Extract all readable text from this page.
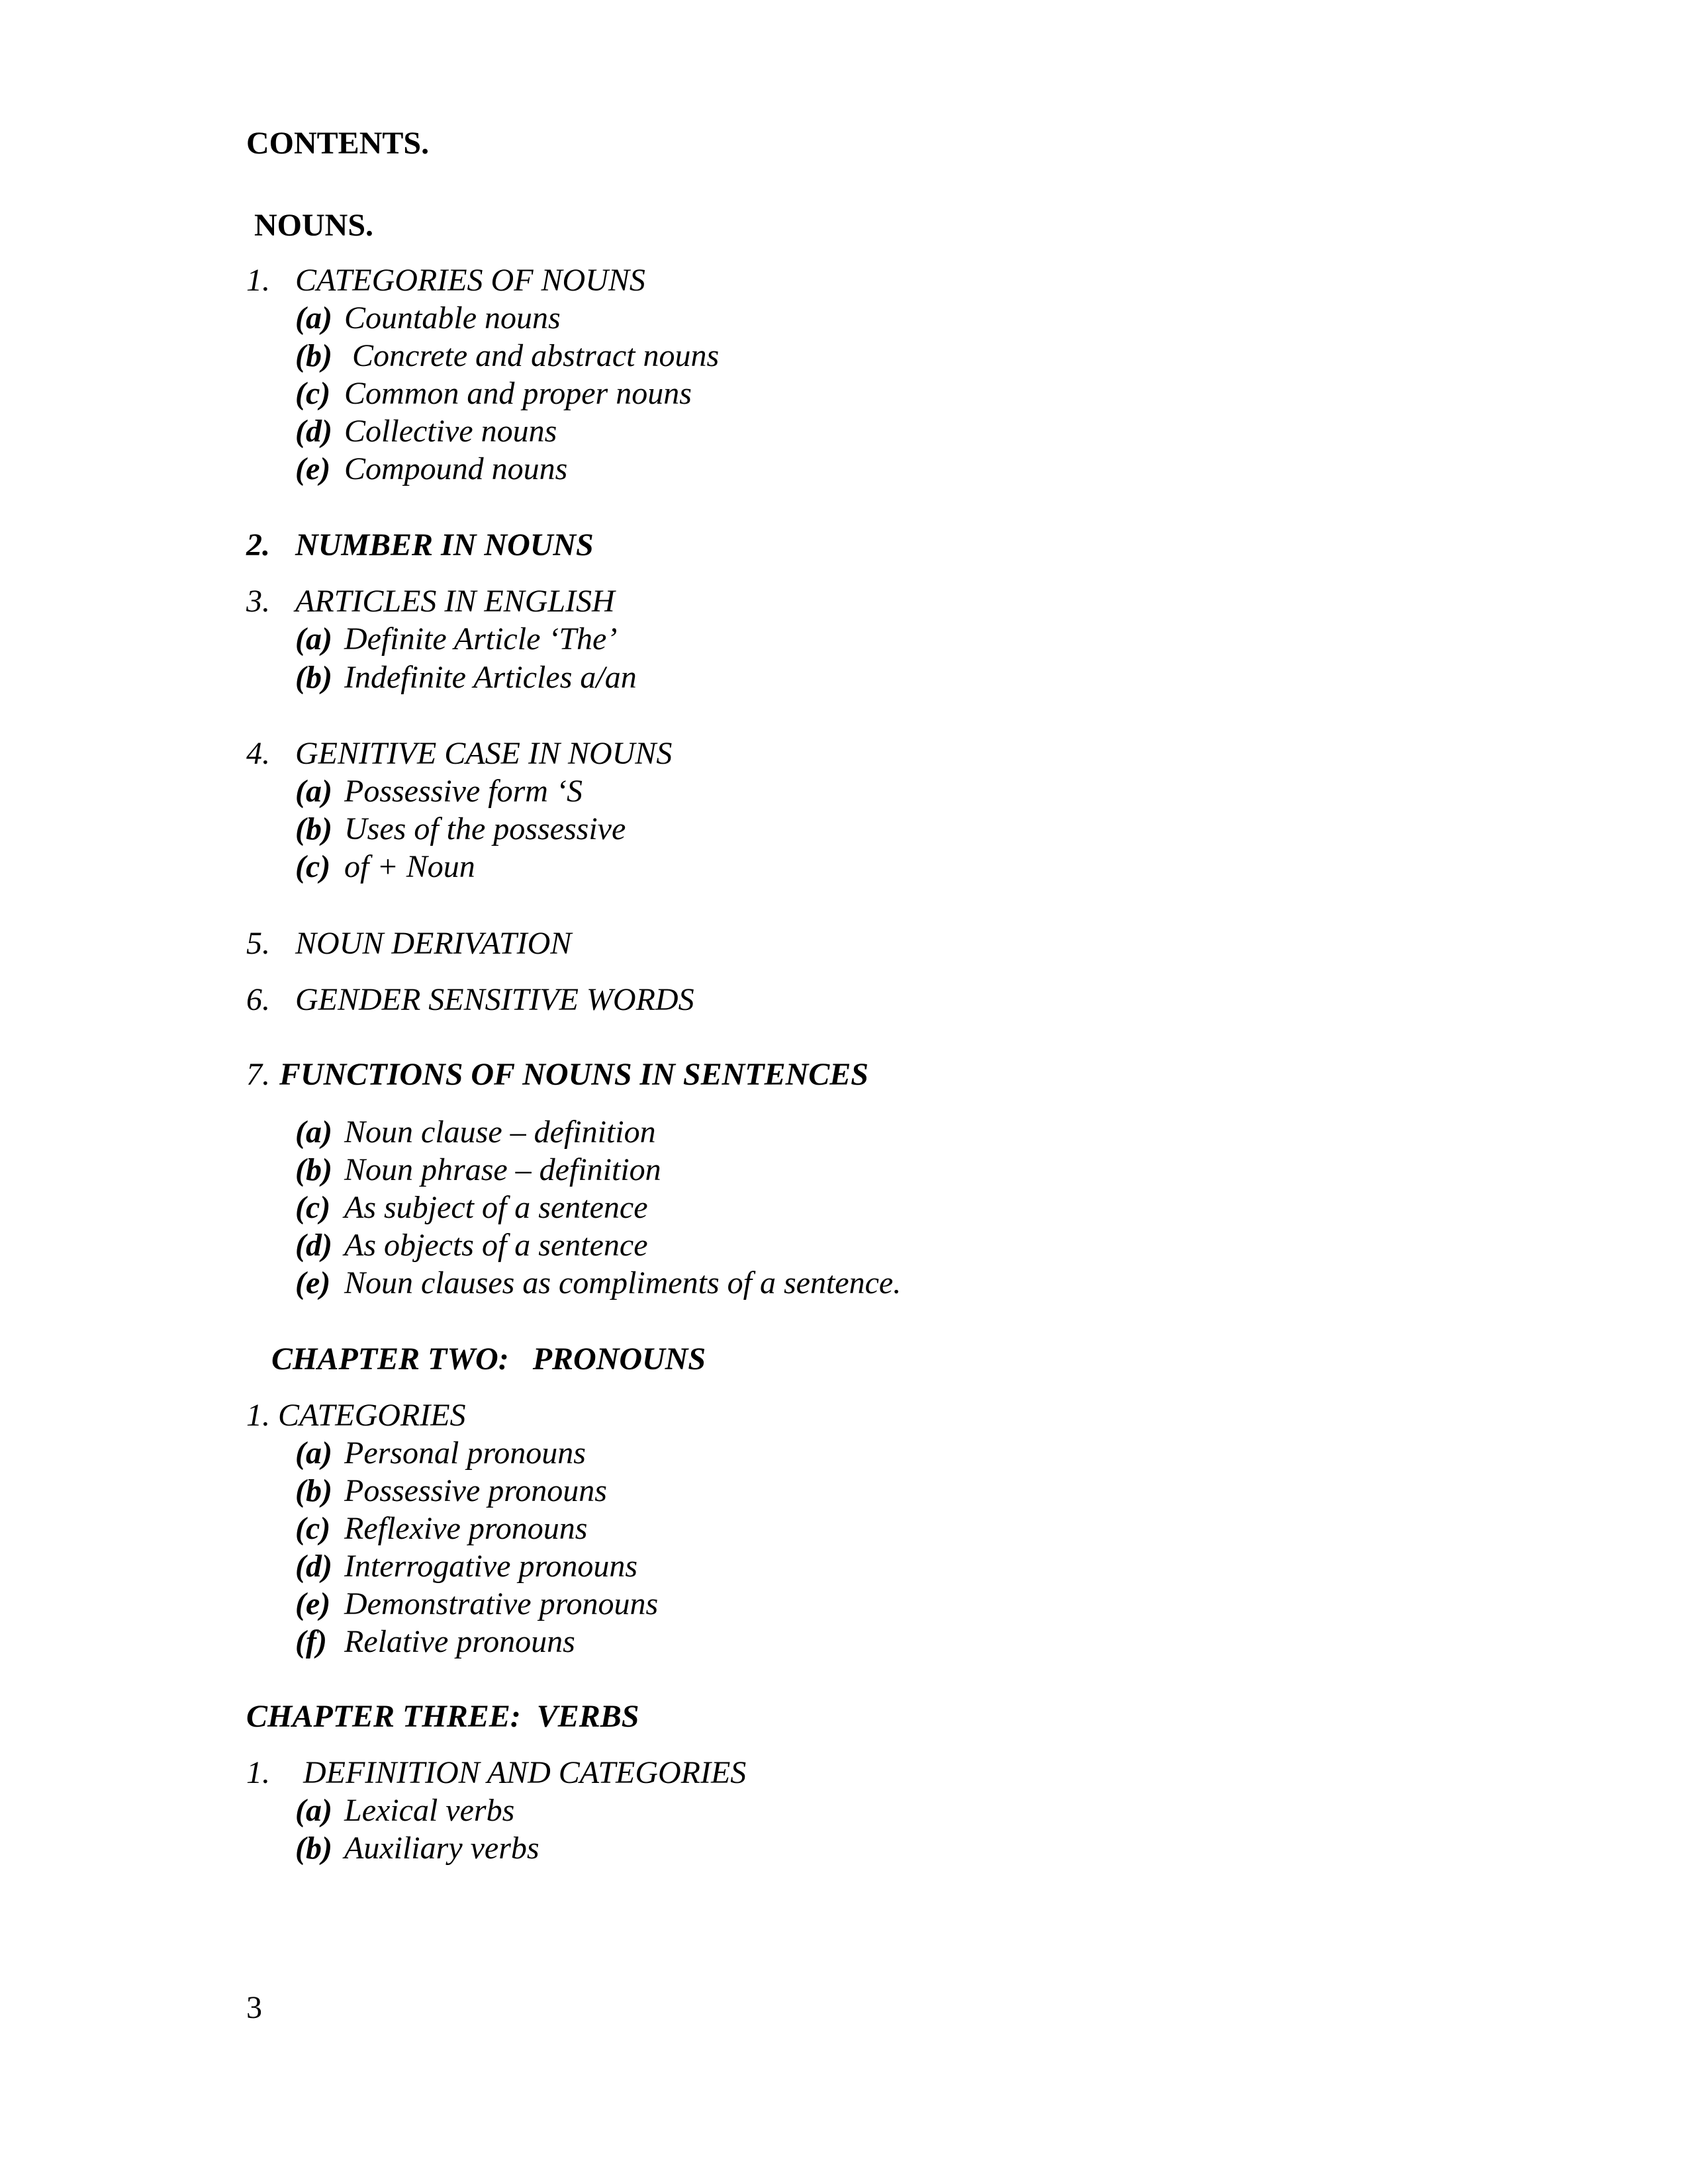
CONTENTS.
NOUNS.
1. CATEGORIES OF NOUNS
(a) Countable nouns
(b) Concrete and abstract nouns
(c) Common and proper nouns
(d) Collective nouns
(e) Compound nouns
2. NUMBER IN NOUNS
3. ARTICLES IN ENGLISH
(a) Definite Article ‘The’
(b) Indefinite Articles a/an
4. GENITIVE CASE IN NOUNS
(a) Possessive form ‘S
(b) Uses of the possessive
(c) of + Noun
5. NOUN DERIVATION
6. GENDER SENSITIVE WORDS
7. FUNCTIONS OF NOUNS IN SENTENCES
(a) Noun clause – definition
(b) Noun phrase – definition
(c) As subject of a sentence
(d) As objects of a sentence
(e) Noun clauses as compliments of a sentence.
CHAPTER TWO:   PRONOUNS
1. CATEGORIES
(a) Personal pronouns
(b) Possessive pronouns
(c) Reflexive pronouns
(d) Interrogative pronouns
(e) Demonstrative pronouns
(f) Relative pronouns
CHAPTER THREE:  VERBS
1. DEFINITION AND CATEGORIES
(a) Lexical verbs
(b) Auxiliary verbs
3
